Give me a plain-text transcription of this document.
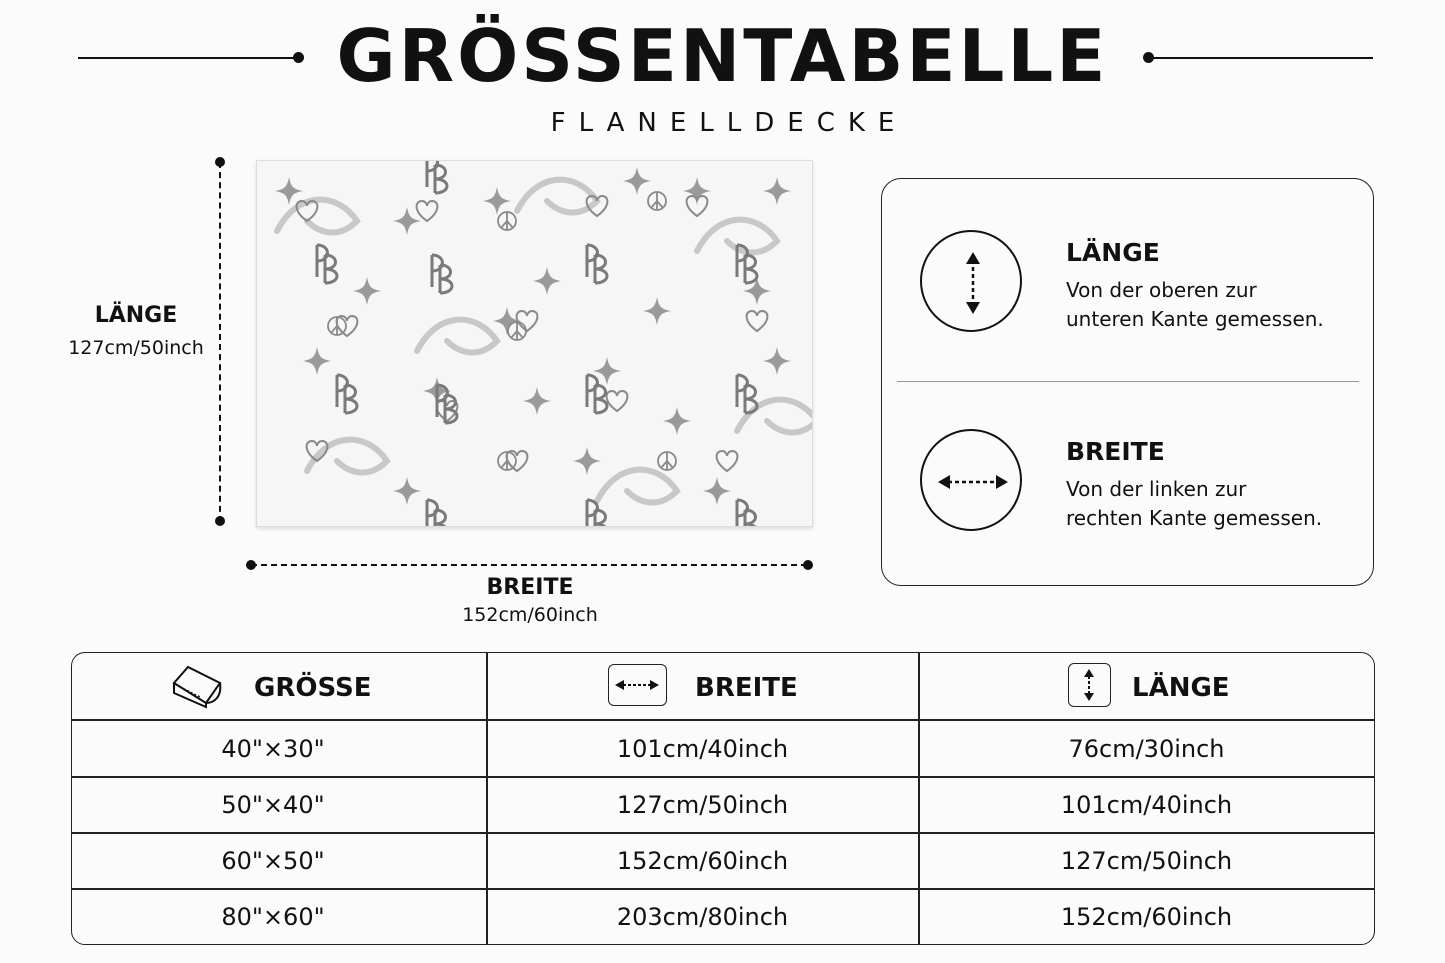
GRÖSSENTABELLE
FLANELLDECKE
LÄNGE
127cm/50inch
BREITE
152cm/60inch
LÄNGE
Von der oberen zur
unteren Kante gemessen.
BREITE
Von der linken zur
rechten Kante gemessen.
GRÖSSE	BREITE	LÄNGE
40"×30"	101cm/40inch	76cm/30inch
50"×40"	127cm/50inch	101cm/40inch
60"×50"	152cm/60inch	127cm/50inch
80"×60"	203cm/80inch	152cm/60inch
